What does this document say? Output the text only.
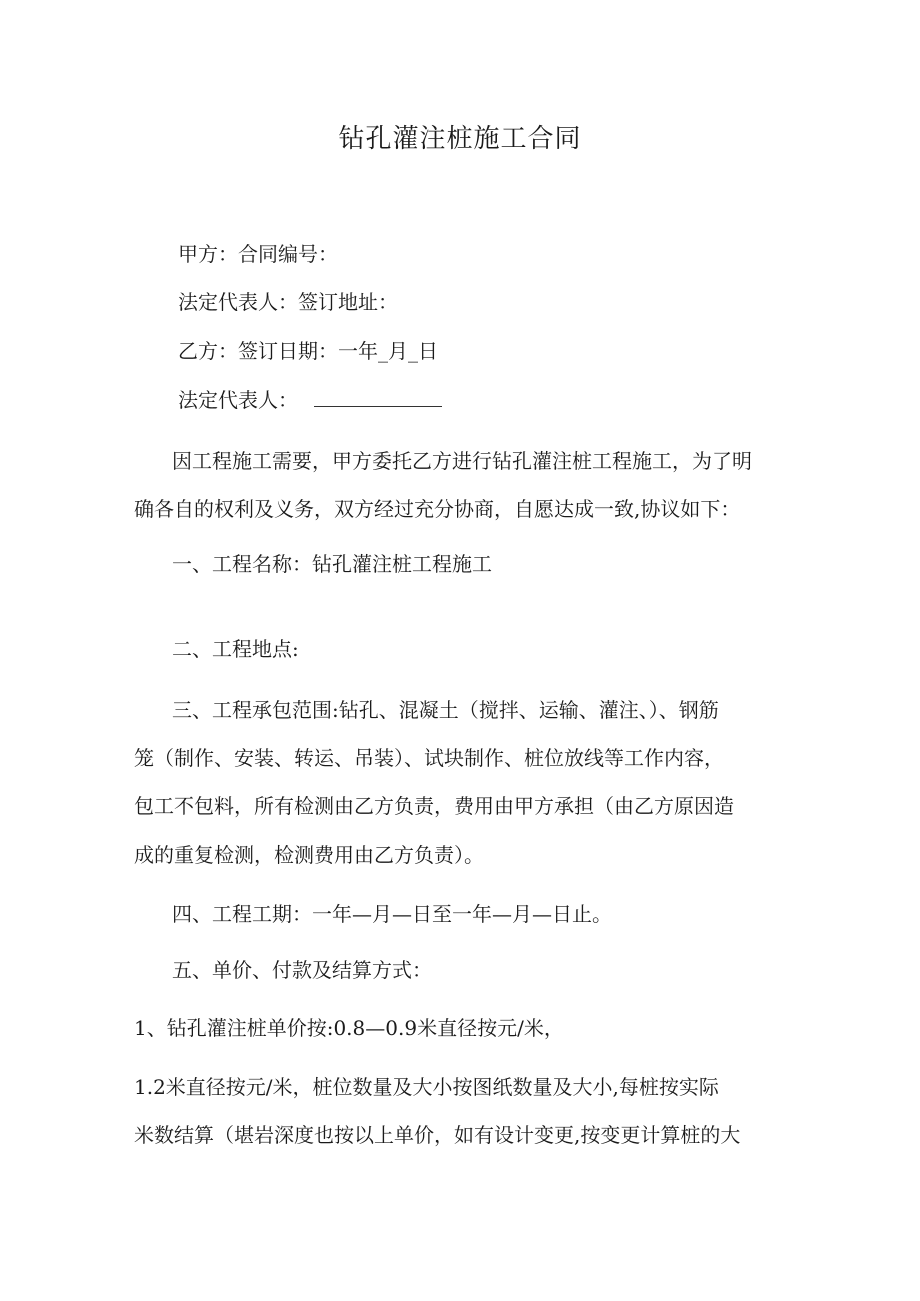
钻孔灌注桩施工合同

甲方：合同编号：

法定代表人：签订地址：

乙方：签订日期：一年_月_日

法定代表人：

因工程施工需要，甲方委托乙方进行钻孔灌注桩工程施工，为了明

确各自的权利及义务，双方经过充分协商，自愿达成一致,协议如下：

一、工程名称：钻孔灌注桩工程施工

二、工程地点:

三、工程承包范围:钻孔、混凝土（搅拌、运输、灌注、）、钢筋

笼（制作、安装、转运、吊装）、试块制作、桩位放线等工作内容，

包工不包料，所有检测由乙方负责，费用由甲方承担（由乙方原因造

成的重复检测，检测费用由乙方负责）。

四、工程工期：一年—月—日至一年—月—日止。

五、单价、付款及结算方式：

1、钻孔灌注桩单价按:0.8—0.9米直径按元/米，

1.2米直径按元/米，桩位数量及大小按图纸数量及大小,每桩按实际

米数结算（堪岩深度也按以上单价，如有设计变更,按变更计算桩的大
